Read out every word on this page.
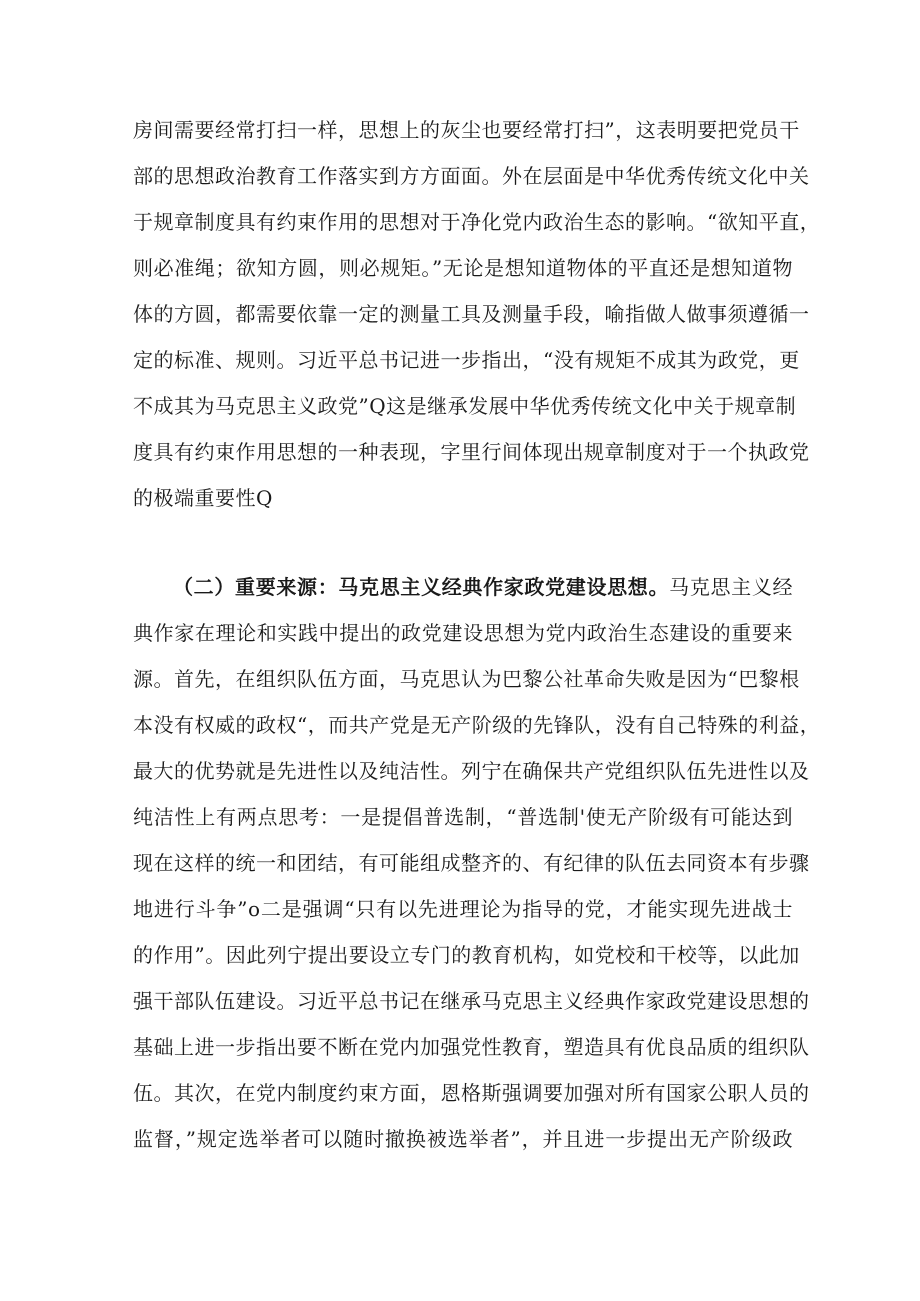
房间需要经常打扫一样，思想上的灰尘也要经常打扫”，这表明要把党员干
部的思想政治教育工作落实到方方面面。外在层面是中华优秀传统文化中关
于规章制度具有约束作用的思想对于净化党内政治生态的影响。“欲知平直，
则必准绳；欲知方圆，则必规矩。”无论是想知道物体的平直还是想知道物
体的方圆，都需要依靠一定的测量工具及测量手段，喻指做人做事须遵循一
定的标准、规则。习近平总书记进一步指出，“没有规矩不成其为政党，更
不成其为马克思主义政党”Q这是继承发展中华优秀传统文化中关于规章制
度具有约束作用思想的一种表现，字里行间体现出规章制度对于一个执政党
的极端重要性Q
（二）重要来源：马克思主义经典作家政党建设思想。马克思主义经
典作家在理论和实践中提出的政党建设思想为党内政治生态建设的重要来
源。首先，在组织队伍方面，马克思认为巴黎公社革命失败是因为“巴黎根
本没有权威的政权“，而共产党是无产阶级的先锋队，没有自己特殊的利益，
最大的优势就是先进性以及纯洁性。列宁在确保共产党组织队伍先进性以及
纯洁性上有两点思考：一是提倡普选制，“普选制'使无产阶级有可能达到
现在这样的统一和团结，有可能组成整齐的、有纪律的队伍去同资本有步骤
地进行斗争”o二是强调“只有以先进理论为指导的党，才能实现先进战士
的作用”。因此列宁提出要设立专门的教育机构，如党校和干校等，以此加
强干部队伍建设。习近平总书记在继承马克思主义经典作家政党建设思想的
基础上进一步指出要不断在党内加强党性教育，塑造具有优良品质的组织队
伍。其次，在党内制度约束方面，恩格斯强调要加强对所有国家公职人员的
监督，”规定选举者可以随时撤换被选举者”，并且进一步提出无产阶级政
